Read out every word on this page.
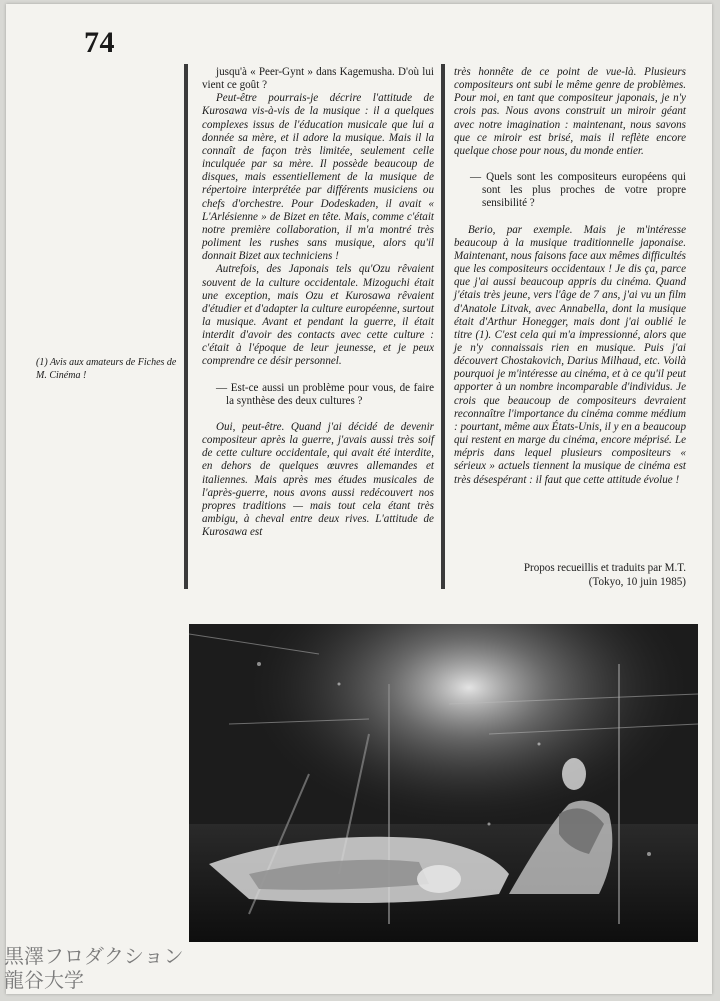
74
(1) Avis aux amateurs de Fiches de M. Cinéma !

jusqu'à « Peer-Gynt » dans Kagemusha. D'où lui vient ce goût ?

Peut-être pourrais-je décrire l'attitude de Kurosawa vis-à-vis de la musique : il a quelques complexes issus de l'éducation musicale que lui a donnée sa mère, et il adore la musique. Mais il la connaît de façon très limitée, seulement celle inculquée par sa mère. Il possède beaucoup de disques, mais essentiellement de la musique de répertoire interprétée par différents musiciens ou chefs d'orchestre. Pour Dodeskaden, il avait « L'Arlésienne » de Bizet en tête. Mais, comme c'était notre première collaboration, il m'a montré très poliment les rushes sans musique, alors qu'il donnait Bizet aux techniciens !

Autrefois, des Japonais tels qu'Ozu rêvaient souvent de la culture occidentale. Mizoguchi était une exception, mais Ozu et Kurosawa rêvaient d'étudier et d'adapter la culture européenne, surtout la musique. Avant et pendant la guerre, il était interdit d'avoir des contacts avec cette culture : c'était à l'époque de leur jeunesse, et je peux comprendre ce désir personnel.

— Est-ce aussi un problème pour vous, de faire la synthèse des deux cultures ?

Oui, peut-être. Quand j'ai décidé de devenir compositeur après la guerre, j'avais aussi très soif de cette culture occidentale, qui avait été interdite, en dehors de quelques œuvres allemandes et italiennes. Mais après mes études musicales de l'après-guerre, nous avons aussi redécouvert nos propres traditions — mais tout cela étant très ambigu, à cheval entre deux rives. L'attitude de Kurosawa est

très honnête de ce point de vue-là. Plusieurs compositeurs ont subi le même genre de problèmes. Pour moi, en tant que compositeur japonais, je n'y crois pas. Nous avons construit un miroir géant avec notre imagination : maintenant, nous savons que ce miroir est brisé, mais il reflète encore quelque chose pour nous, du monde entier.

— Quels sont les compositeurs européens qui sont les plus proches de votre propre sensibilité ?

Berio, par exemple. Mais je m'intéresse beaucoup à la musique traditionnelle japonaise. Maintenant, nous faisons face aux mêmes difficultés que les compositeurs occidentaux ! Je dis ça, parce que j'ai aussi beaucoup appris du cinéma. Quand j'étais très jeune, vers l'âge de 7 ans, j'ai vu un film d'Anatole Litvak, avec Annabella, dont la musique était d'Arthur Honegger, mais dont j'ai oublié le titre (1). C'est cela qui m'a impressionné, alors que je n'y connaissais rien en musique. Puis j'ai découvert Chostakovich, Darius Milhaud, etc. Voilà pourquoi je m'intéresse au cinéma, et à ce qu'il peut apporter à un nombre incomparable d'individus. Je crois que beaucoup de compositeurs devraient reconnaître l'importance du cinéma comme médium : pourtant, même aux États-Unis, il y en a beaucoup qui restent en marge du cinéma, encore méprisé. Le mépris dans lequel plusieurs compositeurs « sérieux » actuels tiennent la musique de cinéma est très désespérant : il faut que cette attitude évolue !

Propos recueillis et traduits par M.T.
(Tokyo, 10 juin 1985)
黒澤フロダクション
龍谷大学
